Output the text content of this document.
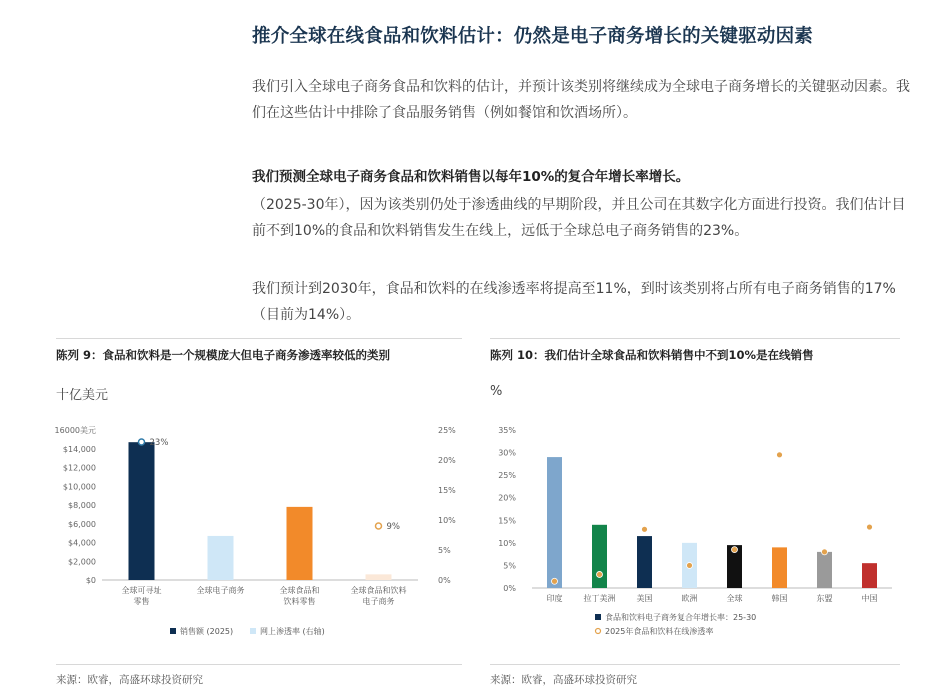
推介全球在线食品和饮料估计：仍然是电子商务增长的关键驱动因素
我们引入全球电子商务食品和饮料的估计，并预计该类别将继续成为全球电子商务增长的关键驱动因素。我们在这些估计中排除了食品服务销售（例如餐馆和饮酒场所）。
我们预测全球电子商务食品和饮料销售以每年10%的复合年增长率增长。
（2025-30年），因为该类别仍处于渗透曲线的早期阶段，并且公司在其数字化方面进行投资。我们估计目前不到10%的食品和饮料销售发生在线上，远低于全球总电子商务销售的23%。
我们预计到2030年，食品和饮料的在线渗透率将提高至11%，到时该类别将占所有电子商务销售的17%（目前为14%）。
陈列 9：食品和饮料是一个规模庞大但电子商务渗透率较低的类别
十亿美元
$0
$2,000
$4,000
$6,000
$8,000
$10,000
$12,000
$14,000
16000美元
0%
5%
10%
15%
20%
25%
全球可寻址
零售
23%
全球电子商务	全球食品和
饮料零售
全球食品和饮料
电子商务
9%
销售额 (2025)	网上渗透率 (右轴)
来源：欧睿，高盛环球投资研究
陈列 10：我们估计全球食品和饮料销售中不到10%是在线销售
%
0%
5%
10%
15%
20%
25%
30%
35%
印度	拉丁美洲	美国	欧洲	全球	韩国	东盟	中国
食品和饮料电子商务复合年增长率：25-30
2025年食品和饮料在线渗透率
来源：欧睿，高盛环球投资研究
